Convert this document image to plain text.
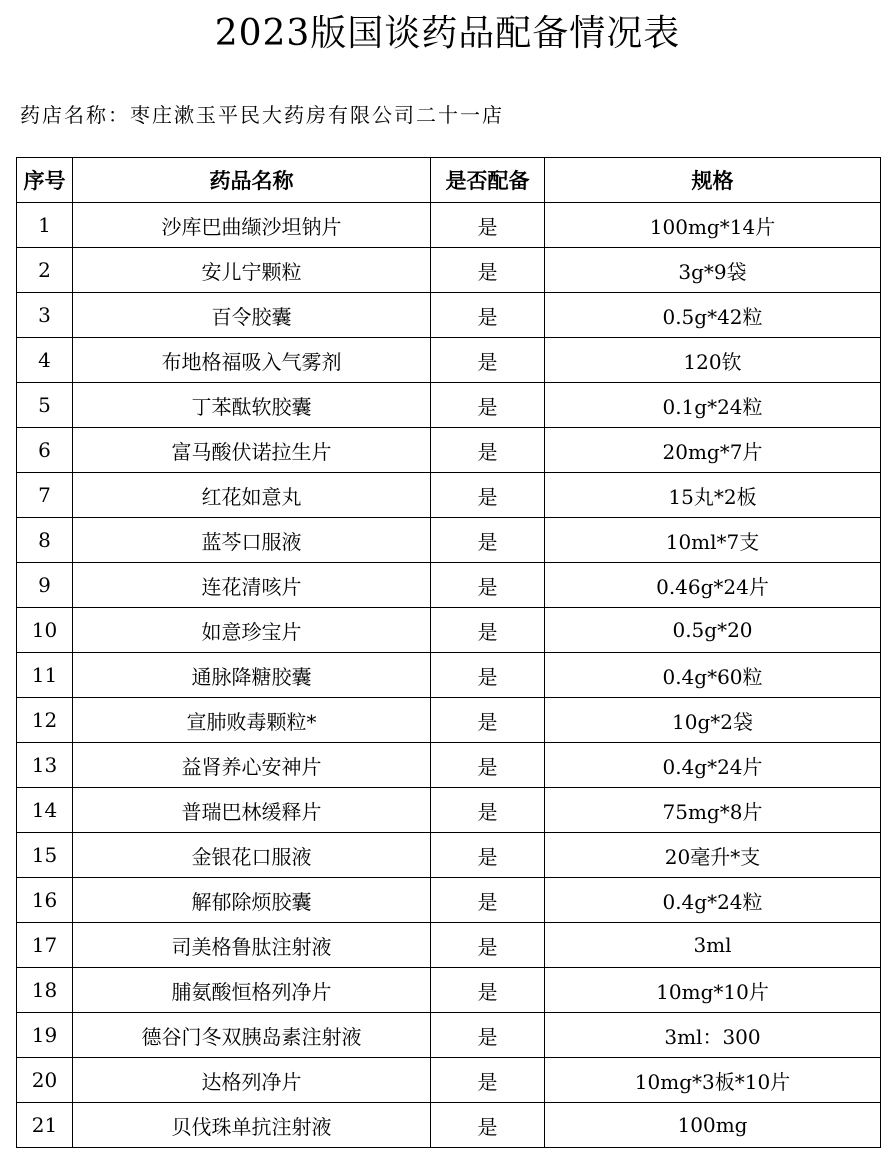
2023版国谈药品配备情况表
药店名称：枣庄漱玉平民大药房有限公司二十一店
序号	药品名称	是否配备	规格
1	沙库巴曲缬沙坦钠片	是	100mg*14片
2	安儿宁颗粒	是	3g*9袋
3	百令胶囊	是	0.5g*42粒
4	布地格福吸入气雾剂	是	120钦
5	丁苯酞软胶囊	是	0.1g*24粒
6	富马酸伏诺拉生片	是	20mg*7片
7	红花如意丸	是	15丸*2板
8	蓝芩口服液	是	10ml*7支
9	连花清咳片	是	0.46g*24片
10	如意珍宝片	是	0.5g*20
11	通脉降糖胶囊	是	0.4g*60粒
12	宣肺败毒颗粒*	是	10g*2袋
13	益肾养心安神片	是	0.4g*24片
14	普瑞巴林缓释片	是	75mg*8片
15	金银花口服液	是	20毫升*支
16	解郁除烦胶囊	是	0.4g*24粒
17	司美格鲁肽注射液	是	3ml
18	脯氨酸恒格列净片	是	10mg*10片
19	德谷门冬双胰岛素注射液	是	3ml：300
20	达格列净片	是	10mg*3板*10片
21	贝伐珠单抗注射液	是	100mg
